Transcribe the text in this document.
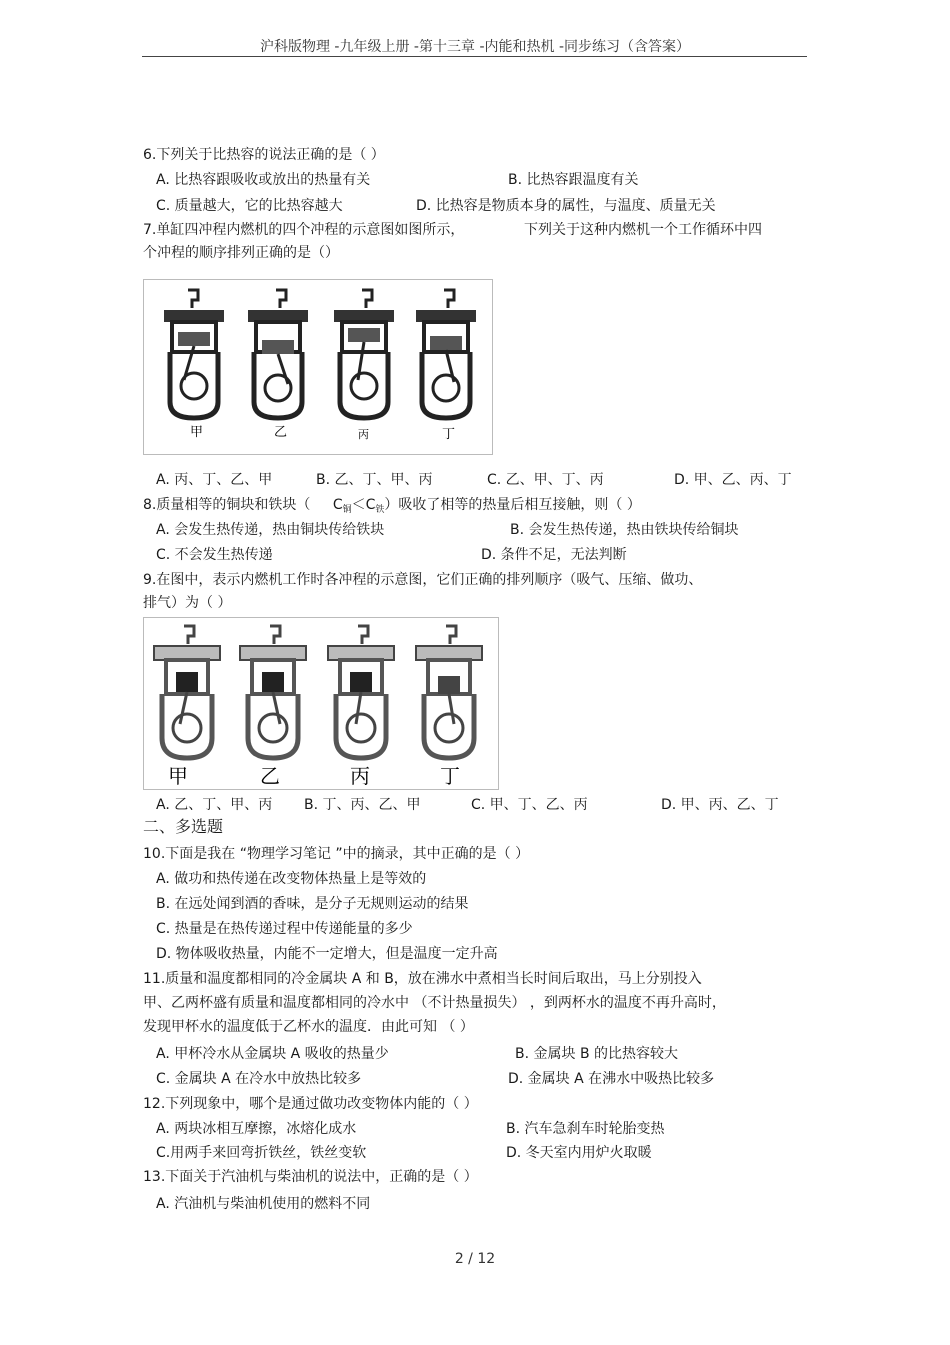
沪科版物理 -九年级上册 -第十三章 -内能和热机 -同步练习（含答案）
6.下列关于比热容的说法正确的是（ ）
A. 比热容跟吸收或放出的热量有关	B. 比热容跟温度有关
C. 质量越大，它的比热容越大	D. 比热容是物质本身的属性，与温度、质量无关
7.单缸四冲程内燃机的四个冲程的示意图如图所示，	下列关于这种内燃机一个工作循环中四
个冲程的顺序排列正确的是（）
甲	乙	丙	丁
A. 丙、丁、乙、甲	B. 乙、丁、甲、丙	C. 乙、甲、丁、丙	D. 甲、乙、丙、丁
8.质量相等的铜块和铁块（ $C_铜<C_铁$）吸收了相等的热量后相互接触，则（ ）
A. 会发生热传递，热由铜块传给铁块	B. 会发生热传递，热由铁块传给铜块
C. 不会发生热传递	D. 条件不足，无法判断
9.在图中，表示内燃机工作时各冲程的示意图，它们正确的排列顺序（吸气、压缩、做功、
排气）为（ ）
甲	乙	丙	丁
A. 乙、丁、甲、丙 B. 丁、丙、乙、甲	C. 甲、丁、乙、丙	D. 甲、丙、乙、丁
二、多选题
10.下面是我在 “物理学习笔记 ”中的摘录，其中正确的是（ ）
A. 做功和热传递在改变物体热量上是等效的
B. 在远处闻到酒的香味，是分子无规则运动的结果
C. 热量是在热传递过程中传递能量的多少
D. 物体吸收热量，内能不一定增大，但是温度一定升高
11.质量和温度都相同的冷金属块 A 和 B，放在沸水中煮相当长时间后取出，马上分别投入
甲、乙两杯盛有质量和温度都相同的冷水中 （不计热量损失） ，到两杯水的温度不再升高时，
发现甲杯水的温度低于乙杯水的温度．由此可知 （ ）
A. 甲杯冷水从金属块 A 吸收的热量少	B. 金属块 B 的比热容较大
C. 金属块 A 在冷水中放热比较多	D. 金属块 A 在沸水中吸热比较多
12.下列现象中，哪个是通过做功改变物体内能的（ ）
A. 两块冰相互摩擦，冰熔化成水	B. 汽车急刹车时轮胎变热
C.用两手来回弯折铁丝，铁丝变软	D. 冬天室内用炉火取暖
13.下面关于汽油机与柴油机的说法中，正确的是（ ）
A. 汽油机与柴油机使用的燃料不同
2 / 12
